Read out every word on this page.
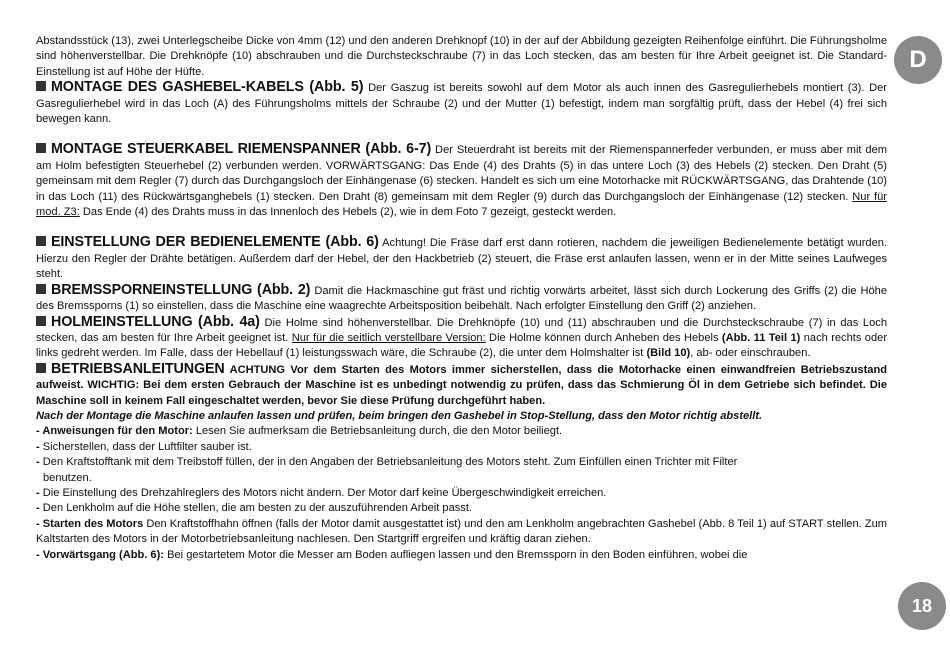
D

Abstandsstück (13), zwei Unterlegscheibe Dicke von 4mm (12) und den anderen Drehknopf (10) in der auf der Abbildung gezeigten Reihenfolge einführt. Die Führungsholme sind höhenverstellbar. Die Drehknöpfe (10) abschrauben und die Durchsteckschraube (7) in das Loch stecken, das am besten für Ihre Arbeit geeignet ist. Die Standard-Einstellung ist auf Höhe der Hüfte.

MONTAGE DES GASHEBEL-KABELS (Abb. 5) Der Gaszug ist bereits sowohl auf dem Motor als auch innen des Gasregulierhebels montiert (3). Der Gasregulierhebel wird in das Loch (A) des Führungsholms mittels der Schraube (2) und der Mutter (1) befestigt, indem man sorgfältig prüft, dass der Hebel (4) frei sich bewegen kann.

MONTAGE STEUERKABEL RIEMENSPANNER (Abb. 6-7) Der Steuerdraht ist bereits mit der Riemenspannerfeder verbunden, er muss aber mit dem am Holm befestigten Steuerhebel (2) verbunden werden. VORWÄRTSGANG: Das Ende (4) des Drahts (5) in das untere Loch (3) des Hebels (2) stecken. Den Draht (5) gemeinsam mit dem Regler (7) durch das Durchgangsloch der Einhängenase (6) stecken. Handelt es sich um eine Motorhacke mit RÜCKWÄRTSGANG, das Drahtende (10) in das Loch (11) des Rückwärtsganghebels (1) stecken. Den Draht (8) gemeinsam mit dem Regler (9) durch das Durchgangsloch der Einhängenase (12) stecken. Nur für mod. Z3: Das Ende (4) des Drahts muss in das Innenloch des Hebels (2), wie in dem Foto 7 gezeigt, gesteckt werden.

EINSTELLUNG DER BEDIENELEMENTE (Abb. 6) Achtung! Die Fräse darf erst dann rotieren, nachdem die jeweiligen Bedienelemente betätigt wurden. Hierzu den Regler der Drähte betätigen. Außerdem darf der Hebel, der den Hackbetrieb (2) steuert, die Fräse erst anlaufen lassen, wenn er in der Mitte seines Laufweges steht.

BREMSSPORNEINSTELLUNG (Abb. 2) Damit die Hackmaschine gut fräst und richtig vorwärts arbeitet, lässt sich durch Lockerung des Griffs (2) die Höhe des Bremssporns (1) so einstellen, dass die Maschine eine waagrechte Arbeitsposition beibehält. Nach erfolgter Einstellung den Griff (2) anziehen.

HOLMEINSTELLUNG (Abb. 4a) Die Holme sind höhenverstellbar. Die Drehknöpfe (10) und (11) abschrauben und die Durchsteckschraube (7) in das Loch stecken, das am besten für Ihre Arbeit geeignet ist. Nur für die seitlich verstellbare Version: Die Holme können durch Anheben des Hebels (Abb. 11 Teil 1) nach rechts oder links gedreht werden. Im Falle, dass der Hebellauf (1) leistungsswach wäre, die Schraube (2), die unter dem Holmshalter ist (Bild 10), ab- oder einschrauben.

BETRIEBSANLEITUNGEN ACHTUNG Vor dem Starten des Motors immer sicherstellen, dass die Motorhacke einen einwandfreien Betriebszustand aufweist. WICHTIG: Bei dem ersten Gebrauch der Maschine ist es unbedingt notwendig zu prüfen, dass das Schmierung Öl in dem Getriebe sich befindet. Die Maschine soll in keinem Fall eingeschaltet werden, bevor Sie diese Prüfung durchgeführt haben.

Nach der Montage die Maschine anlaufen lassen und prüfen, beim bringen den Gashebel in Stop-Stellung, dass den Motor richtig abstellt.

- Anweisungen für den Motor: Lesen Sie aufmerksam die Betriebsanleitung durch, die den Motor beiliegt.

- Sicherstellen, dass der Luftfilter sauber ist.

- Den Kraftstofftank mit dem Treibstoff füllen, der in den Angaben der Betriebsanleitung des Motors steht. Zum Einfüllen einen Trichter mit Filter

benutzen.

- Die Einstellung des Drehzahlreglers des Motors nicht ändern. Der Motor darf keine Übergeschwindigkeit erreichen.

- Den Lenkholm auf die Höhe stellen, die am besten zu der auszuführenden Arbeit passt.

- Starten des Motors Den Kraftstoffhahn öffnen (falls der Motor damit ausgestattet ist) und den am Lenkholm angebrachten Gashebel (Abb. 8 Teil 1) auf START stellen. Zum Kaltstarten des Motors in der Motorbetriebsanleitung nachlesen. Den Startgriff ergreifen und kräftig daran ziehen.

- Vorwärtsgang (Abb. 6): Bei gestartetem Motor die Messer am Boden aufliegen lassen und den Bremssporn in den Boden einführen, wobei die

18
